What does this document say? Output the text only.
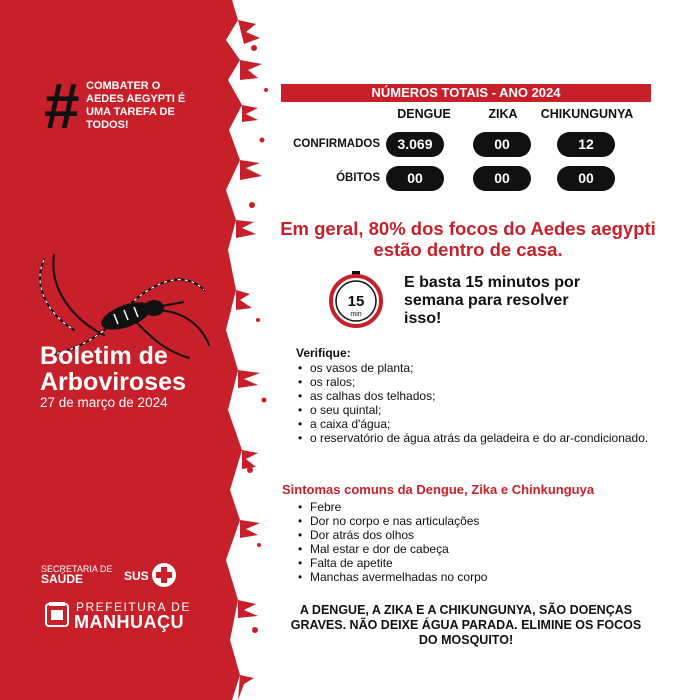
# COMBATER O AEDES AEGYPTI É UMA TAREFA DE TODOS!
Boletim de Arboviroses
27 de março de 2024
SECRETARIA DE
SAÚDE	SUS
PREFEITURA DE
MANHUAÇU
NÚMEROS TOTAIS - ANO 2024
DENGUE	ZIKA	CHIKUNGUNYA
CONFIRMADOS	3.069	00	12
ÓBITOS	00	00	00
Em geral, 80% dos focos do Aedes aegypti estão dentro de casa.
15
min
E basta 15 minutos por semana para resolver isso!
Verifique:
• os vasos de planta;
• os ralos;
• as calhas dos telhados;
• o seu quintal;
• a caixa d'água;
• o reservatório de água atrás da geladeira e do ar-condicionado.
Sintomas comuns da Dengue, Zika e Chinkunguya
• Febre
• Dor no corpo e nas articulações
• Dor atrás dos olhos
• Mal estar e dor de cabeça
• Falta de apetite
• Manchas avermelhadas no corpo
A DENGUE, A ZIKA E A CHIKUNGUNYA, SÃO DOENÇAS GRAVES. NÃO DEIXE ÁGUA PARADA. ELIMINE OS FOCOS DO MOSQUITO!
